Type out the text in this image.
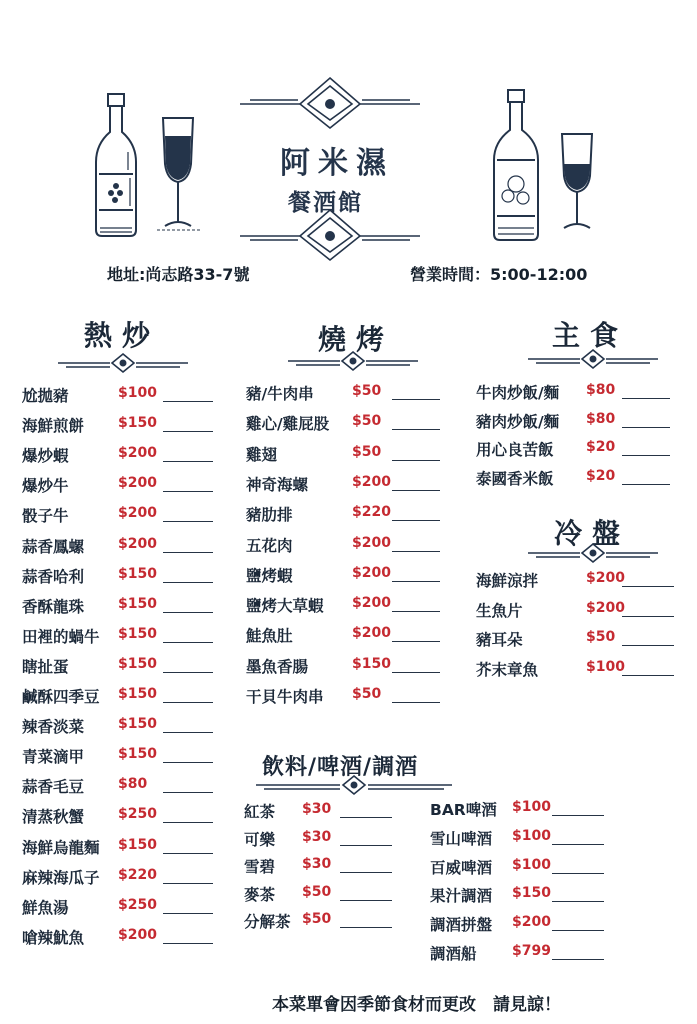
阿米濕
餐酒館
地址:尚志路33-7號	營業時間：5:00-12:00
熱炒	燒烤	主食
冷盤
飲料/啤酒/調酒
尬拋豬	$100
海鮮煎餅 $150
爆炒蝦	$200
爆炒牛	$200
骰子牛	$200
蒜香鳳螺 $200
蒜香哈利 $150
香酥龍珠 $150
田裡的蝸牛 $150
瞎扯蛋	$150
鹹酥四季豆 $150
辣香淡菜 $150
青菜滴甲 $150
蒜香毛豆 $80
清蒸秋蟹 $250
海鮮烏龍麵 $150
麻辣海瓜子 $220
鮮魚湯	$250
嗆辣魷魚 $200
豬/牛肉串	$50
雞心/雞屁股 $50
雞翅	$50
神奇海螺	$200
豬肋排	$220
五花肉	$200
鹽烤蝦	$200
鹽烤大草蝦 $200
鮭魚肚	$200
墨魚香腸	$150
干貝牛肉串 $50
牛肉炒飯/麵 $80
豬肉炒飯/麵 $80
用心良苦飯 $20
泰國香米飯 $20
海鮮涼拌	$200
生魚片	$200
豬耳朵	$50
芥末章魚	$100
紅茶 $30
可樂 $30
雪碧 $30
麥茶 $50
分解茶 $50
BAR啤酒 $100
雪山啤酒 $100
百威啤酒 $100
果汁調酒 $150
調酒拼盤 $200
調酒船	$799
本菜單會因季節食材而更改　請見諒！
